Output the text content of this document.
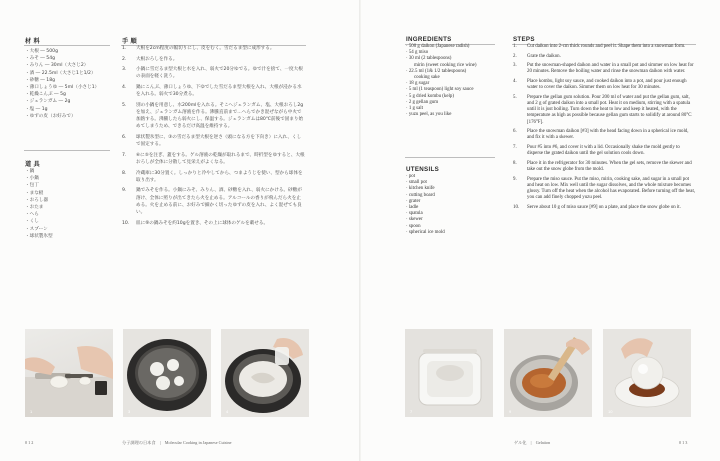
材 料
・大根 ― 500g
・みそ ― 54g
・みりん ― 30ml（大さじ2）
・酒 ― 22.5ml（大さじ1と1/2）
・砂糖 ― 18g
・薄口しょうゆ ― 5ml（小さじ1）
・乾燥こんぶ ― 5g
・ジェランガム ― 2g
・塩 ― 1g
・ゆずの皮（お好みで）
道 具
・鍋
・小鍋
・包丁
・まな板
・おろし器
・おたま
・へら
・くし
・スプーン
・球状製氷型
手 順
1.	大根を2cm程度の幅切りにし、皮をむく。雪だるま型に成形する。
2.	大根おろしを作る。
3.	小鍋に雪だるま型大根と水を入れ、弱火で20分ゆでる。ゆで汁を捨て、一度大根の表面を軽く洗う。
4.	鍋にこんぶ、薄口しょうゆ、下ゆでした雪だるま型大根を入れ、大根が浸かる水を入れる。弱火で30分煮る。
5.	別の小鍋を用意し、水200mlを入れる。そこへジェランガム、塩、大根おろし2gを加え、ジェランガム溶液を作る。沸騰直前まで…へらでかき混ぜながら中火で加熱する。沸騰したら弱火にし、保温する。ジェランガムは80℃前後で固まり始めてしまうため、できるだけ高温を維持する。
6.	球状製氷型に、③の雪だるま型大根を逆さ（頭になる方を下向き）に入れ、くしで固定する。
7.	⑥に⑤を注ぎ、蓋をする。ゲル溶液の乾燥が取れるまで、時折型をゆすると、大根おろしが全体に分散して見栄えがよくなる。
8.	冷蔵庫に30分置く。しっかりと冷やしてから、つまようじを使い、型から球体を取り出す。
9.	鍋でみそを作る。小鍋にみそ、みりん、酒、砂糖を入れ、弱火にかける。砂糖が溶け、全体に照りが出てきたら火を止める。アルコールの香りが飛んだら火を止める。火を止める前に、お好みで細かく切ったゆずの皮を入れ、よく混ぜても良い。
10.	皿に⑨の鍋みそを約10gを置き、その上に球体のゲルを載せる。
INGREDIENTS
· 500 g daikon (Japanese radish)
· 54 g miso
· 30 ml (2 tablespoons)
mirin (sweet cooking rice wine)
· 22.5 ml (1& 1/2 tablespoons)
cooking sake
· 18 g sugar
· 5 ml (1 teaspoon) light soy sauce
· 5 g dried kombu (kelp)
· 2 g gellan gum
· 1 g salt
· yuzu peel, as you like
UTENSILS
· pot
· small pot
· kitchen knife
· cutting board
· grater
· ladle
· spatula
· skewer
· spoon
· spherical ice mold
STEPS
1.	Cut daikon into 2-cm thick rounds and peel it. Shape them into a snowman form.
2.	Grate the daikon.
3.	Put the snowman-shaped daikon and water in a small pot and simmer on low heat for 20 minutes. Remove the boiling water and rinse the snowman daikon with water.
4.	Place kombu, light soy sauce, and cooked daikon into a pot, and pour just enough water to cover the daikon. Simmer them on low heat for 30 minutes.
5.	Prepare the gellan gum solution. Pour 200 ml of water and put the gellan gum, salt, and 2 g of grated daikon into a small pot. Heat it on medium, stirring with a spatula until it is just boiling. Turn down the heat to low and keep it heated, with the temperature as high as possible because gellan gum starts to solidify at around 80°C [176°F].
6.	Place the snowman daikon [#3] with the head facing down in a spherical ice mold, and fix it with a skewer.
7.	Pour #5 into #6, and cover it with a lid. Occasionally shake the mold gently to disperse the grated daikon until the gel solution cools down.
8.	Place it in the refrigerator for 30 minutes. When the gel sets, remove the skewer and take out the snow globe from the mold.
9.	Prepare the miso sauce. Put the miso, mirin, cooking sake, and sugar in a small pot and heat on low. Mix well until the sugar dissolves, and the whole mixture becomes glossy. Turn off the heat when the alcohol has evaporated. Before turning off the heat, you can add finely chopped yuzu peel.
10.	Serve about 10 g of miso sauce [#9] on a plate, and place the snow globe on it.
1	3	4	7	9	10
0 1 2	分子調理の日本食　|　Molecular Cooking in Japanese Cuisine	ゲル化　|　Gelation	0 1 3
